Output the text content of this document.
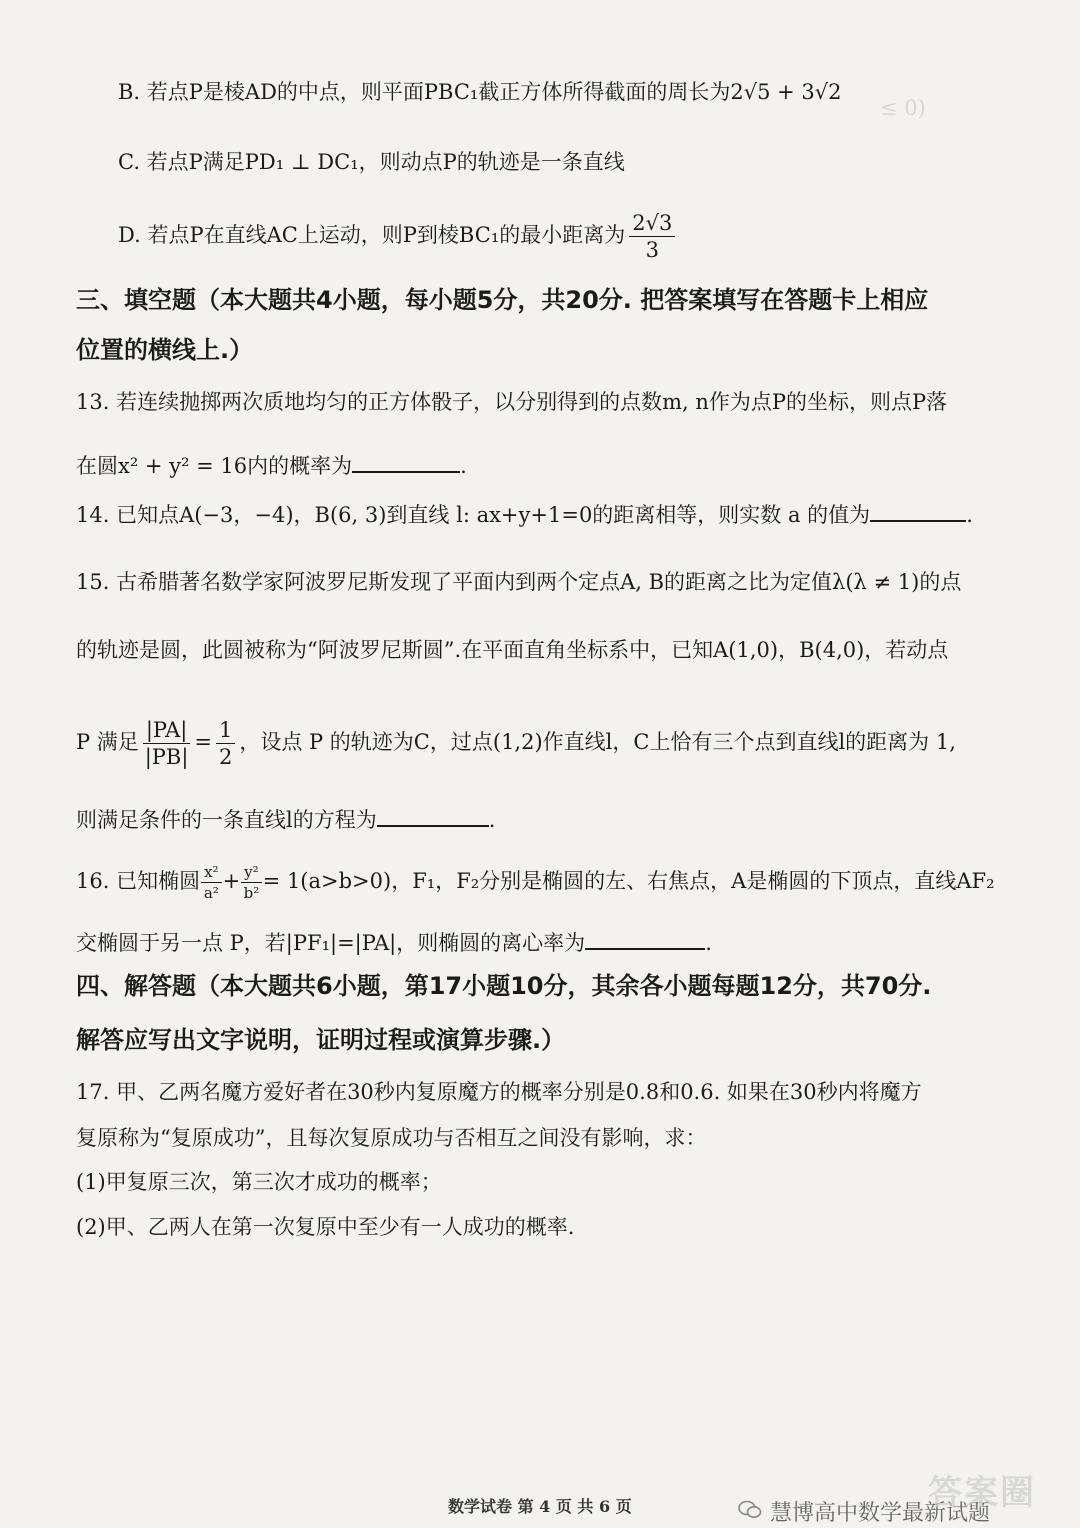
≤ 0)
B. 若点P是棱AD的中点，则平面PBC₁截正方体所得截面的周长为2√5 + 3√2
C. 若点P满足PD₁ ⊥ DC₁，则动点P的轨迹是一条直线
D. 若点P在直线AC上运动，则P到棱BC₁的最小距离为 $\frac{2√3}{3}$
三、填空题（本大题共4小题，每小题5分，共20分. 把答案填写在答题卡上相应
位置的横线上.）
13. 若连续抛掷两次质地均匀的正方体骰子，以分别得到的点数m, n作为点P的坐标，则点P落
在圆x² + y² = 16内的概率为	.
14. 已知点A(−3，−4)，B(6, 3)到直线 l: ax+y+1=0的距离相等，则实数 a 的值为	.
15. 古希腊著名数学家阿波罗尼斯发现了平面内到两个定点A, B的距离之比为定值λ(λ ≠ 1)的点
的轨迹是圆，此圆被称为“阿波罗尼斯圆”.在平面直角坐标系中，已知A(1,0)，B(4,0)，若动点
P 满足 $\frac{|PA|}{|PB|} = \frac{1}{2}$ ，设点 P 的轨迹为C，过点(1,2)作直线l，C上恰有三个点到直线l的距离为 1,
则满足条件的一条直线l的方程为	.
16. 已知椭圆 $\frac{\text{x²}}{\text{a²}} + \frac{\text{y²}}{\text{b²}} = 1(a>b>0)$，F₁，F₂分别是椭圆的左、右焦点，A是椭圆的下顶点，直线AF₂
交椭圆于另一点 P，若|PF₁|=|PA|，则椭圆的离心率为	.
四、解答题（本大题共6小题，第17小题10分，其余各小题每题12分，共70分.
解答应写出文字说明，证明过程或演算步骤.）
17. 甲、乙两名魔方爱好者在30秒内复原魔方的概率分别是0.8和0.6. 如果在30秒内将魔方
复原称为“复原成功”，且每次复原成功与否相互之间没有影响，求：
(1)甲复原三次，第三次才成功的概率；
(2)甲、乙两人在第一次复原中至少有一人成功的概率.
数学试卷 第 4 页 共 6 页	慧博高中数学最新试题
答案圈
